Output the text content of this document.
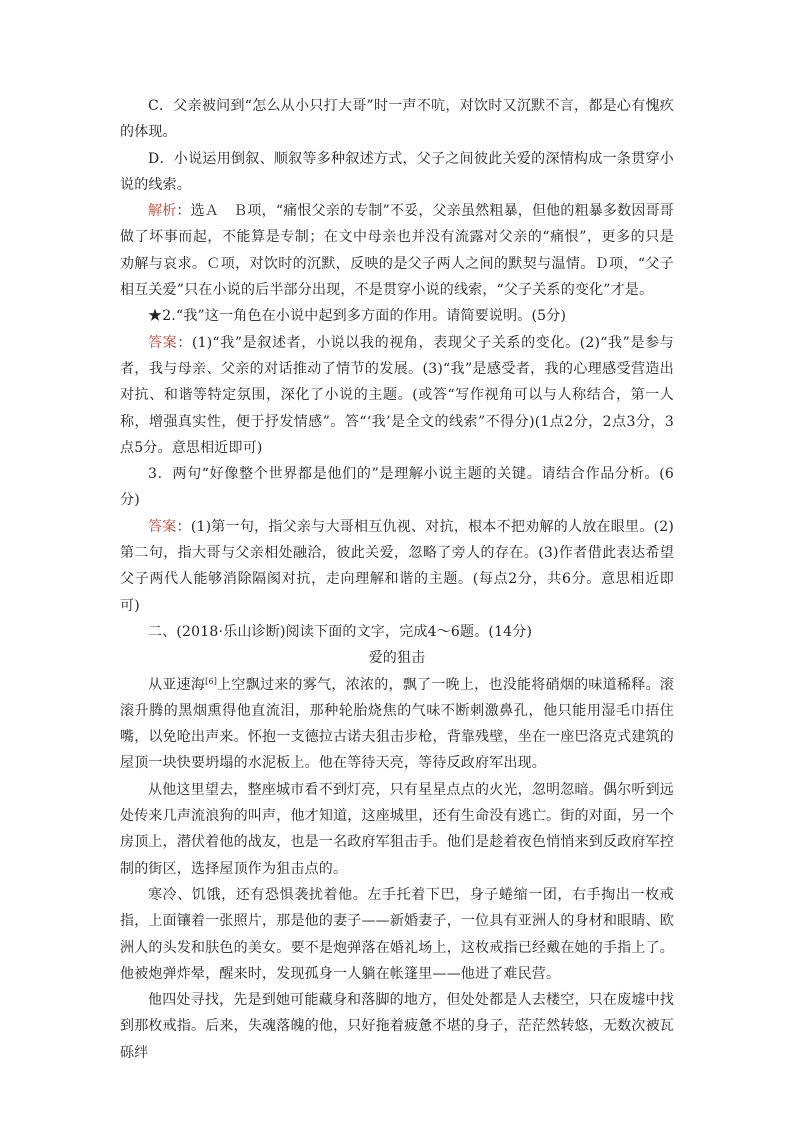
C．父亲被问到“怎么从小只打大哥”时一声不吭，对饮时又沉默不言，都是心有愧疚的体现。

D．小说运用倒叙、顺叙等多种叙述方式，父子之间彼此关爱的深情构成一条贯穿小说的线索。

解析：选Ａ　Ｂ项，“痛恨父亲的专制”不妥，父亲虽然粗暴，但他的粗暴多数因哥哥做了坏事而起，不能算是专制；在文中母亲也并没有流露对父亲的“痛恨”，更多的只是劝解与哀求。Ｃ项，对饮时的沉默，反映的是父子两人之间的默契与温情。Ｄ项，“父子相互关爱”只在小说的后半部分出现，不是贯穿小说的线索，“父子关系的变化”才是。

★2.“我”这一角色在小说中起到多方面的作用。请简要说明。(5分)

答案：(1)“我”是叙述者，小说以我的视角，表现父子关系的变化。(2)“我”是参与者，我与母亲、父亲的对话推动了情节的发展。(3)“我”是感受者，我的心理感受营造出对抗、和谐等特定氛围，深化了小说的主题。(或答“写作视角可以与人称结合，第一人称，增强真实性，便于抒发情感”。答“‘我’是全文的线索”不得分)(1点2分，2点3分，3点5分。意思相近即可)

3．两句“好像整个世界都是他们的”是理解小说主题的关键。请结合作品分析。(6分)

答案：(1)第一句，指父亲与大哥相互仇视、对抗，根本不把劝解的人放在眼里。(2)第二句，指大哥与父亲相处融洽，彼此关爱，忽略了旁人的存在。(3)作者借此表达希望父子两代人能够消除隔阂对抗，走向理解和谐的主题。(每点2分，共6分。意思相近即可)

二、(2018·乐山诊断)阅读下面的文字，完成4～6题。(14分)

爱的狙击

从亚速海[6]上空飘过来的雾气，浓浓的，飘了一晚上，也没能将硝烟的味道稀释。滚滚升腾的黑烟熏得他直流泪，那种轮胎烧焦的气味不断刺激鼻孔，他只能用湿毛巾捂住嘴，以免呛出声来。怀抱一支德拉古诺夫狙击步枪，背靠残壁，坐在一座巴洛克式建筑的屋顶一块快要坍塌的水泥板上。他在等待天亮，等待反政府军出现。

从他这里望去，整座城市看不到灯亮，只有星星点点的火光，忽明忽暗。偶尔听到远处传来几声流浪狗的叫声，他才知道，这座城里，还有生命没有逃亡。街的对面，另一个房顶上，潜伏着他的战友，也是一名政府军狙击手。他们是趁着夜色悄悄来到反政府军控制的街区，选择屋顶作为狙击点的。

寒冷、饥饿，还有恐惧袭扰着他。左手托着下巴，身子蜷缩一团，右手掏出一枚戒指，上面镶着一张照片，那是他的妻子——新婚妻子，一位具有亚洲人的身材和眼睛、欧洲人的头发和肤色的美女。要不是炮弹落在婚礼场上，这枚戒指已经戴在她的手指上了。他被炮弹炸晕，醒来时，发现孤身一人躺在帐篷里——他进了难民营。

他四处寻找，先是到她可能藏身和落脚的地方，但处处都是人去楼空，只在废墟中找到那枚戒指。后来，失魂落魄的他，只好拖着疲惫不堪的身子，茫茫然转悠，无数次被瓦砾绊
